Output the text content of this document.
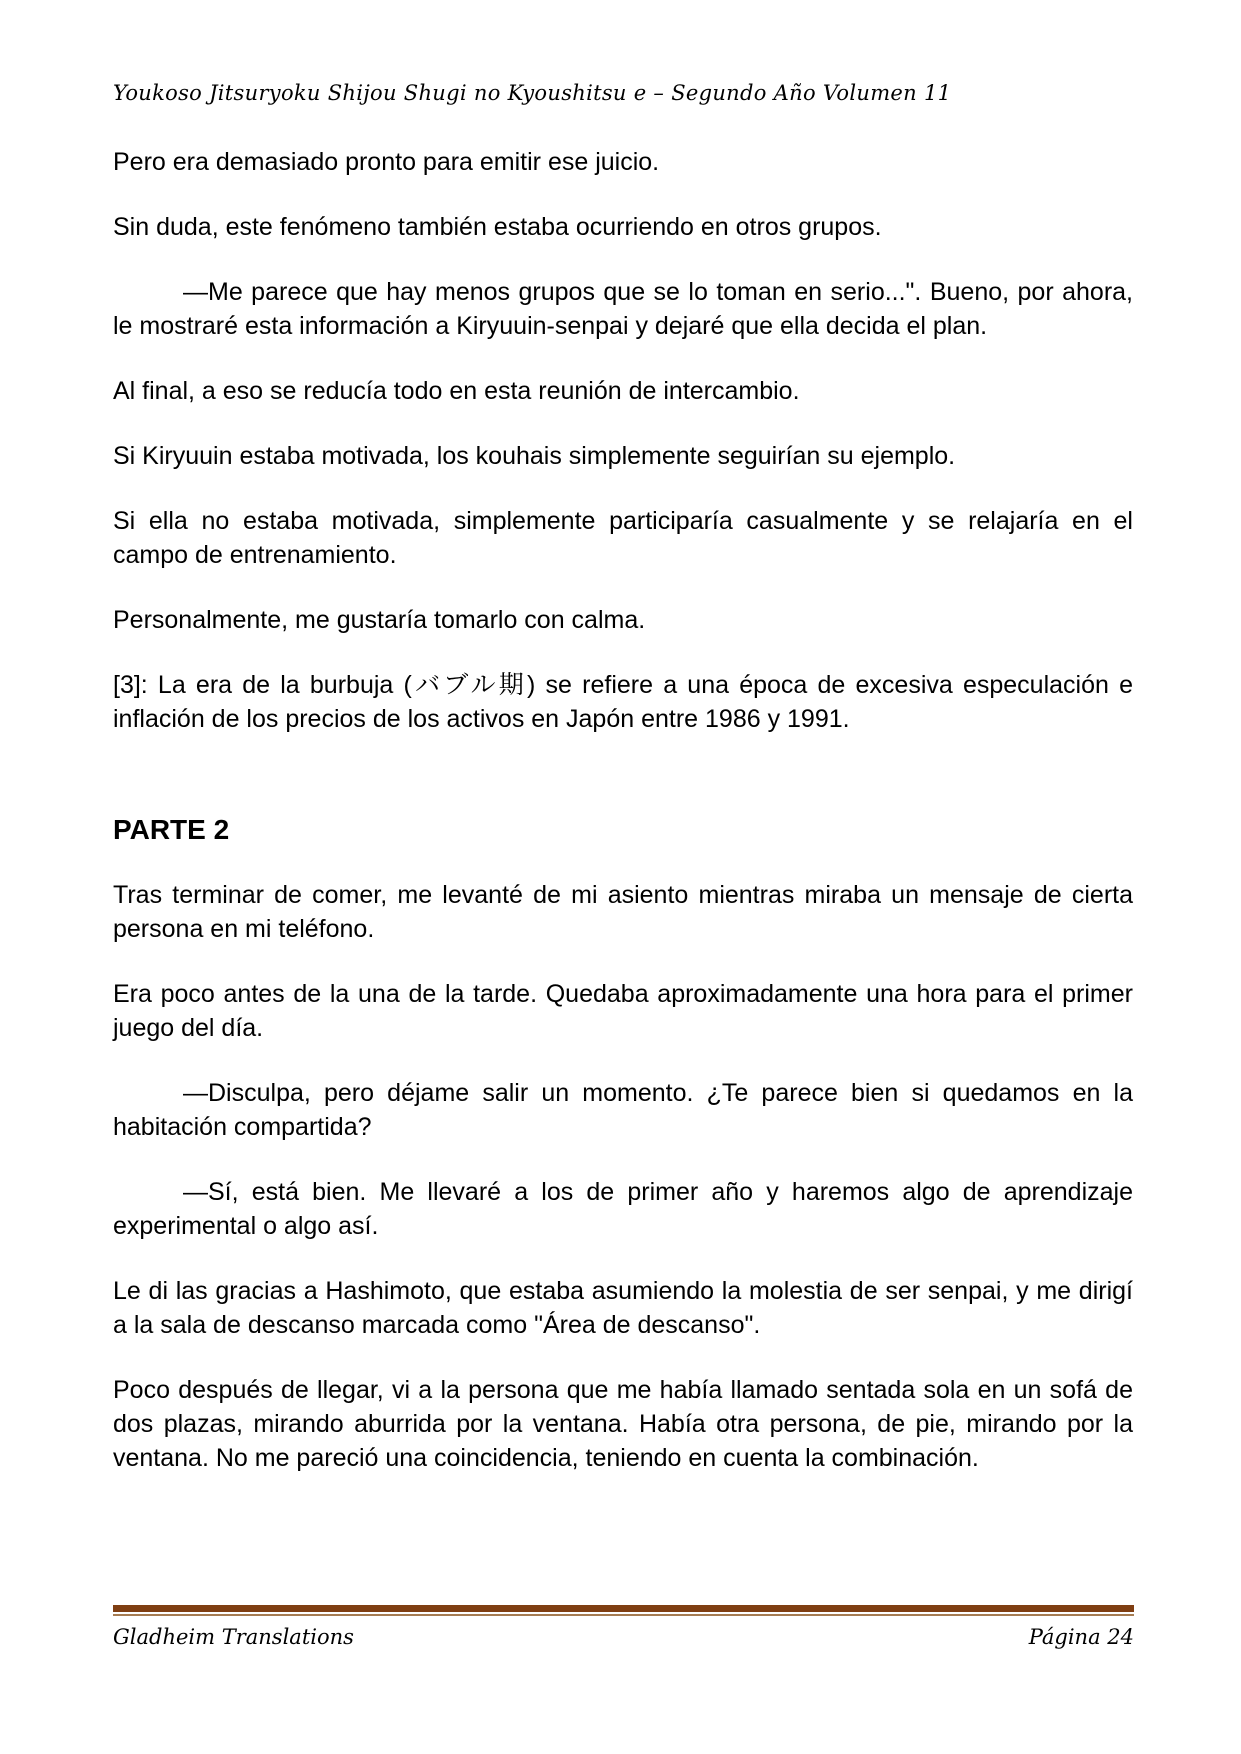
Youkoso Jitsuryoku Shijou Shugi no Kyoushitsu e – Segundo Año Volumen 11

Pero era demasiado pronto para emitir ese juicio.

Sin duda, este fenómeno también estaba ocurriendo en otros grupos.

—Me parece que hay menos grupos que se lo toman en serio...". Bueno, por ahora, le mostraré esta información a Kiryuuin-senpai y dejaré que ella decida el plan.

Al final, a eso se reducía todo en esta reunión de intercambio.

Si Kiryuuin estaba motivada, los kouhais simplemente seguirían su ejemplo.

Si ella no estaba motivada, simplemente participaría casualmente y se relajaría en el campo de entrenamiento.

Personalmente, me gustaría tomarlo con calma.

[3]: La era de la burbuja (バブル期) se refiere a una época de excesiva especulación e inflación de los precios de los activos en Japón entre 1986 y 1991.

PARTE 2

Tras terminar de comer, me levanté de mi asiento mientras miraba un mensaje de cierta persona en mi teléfono.

Era poco antes de la una de la tarde. Quedaba aproximadamente una hora para el primer juego del día.

—Disculpa, pero déjame salir un momento. ¿Te parece bien si quedamos en la habitación compartida?

—Sí, está bien. Me llevaré a los de primer año y haremos algo de aprendizaje experimental o algo así.

Le di las gracias a Hashimoto, que estaba asumiendo la molestia de ser senpai, y me dirigí a la sala de descanso marcada como "Área de descanso".

Poco después de llegar, vi a la persona que me había llamado sentada sola en un sofá de dos plazas, mirando aburrida por la ventana. Había otra persona, de pie, mirando por la ventana. No me pareció una coincidencia, teniendo en cuenta la combinación.

Gladheim Translations	Página 24
